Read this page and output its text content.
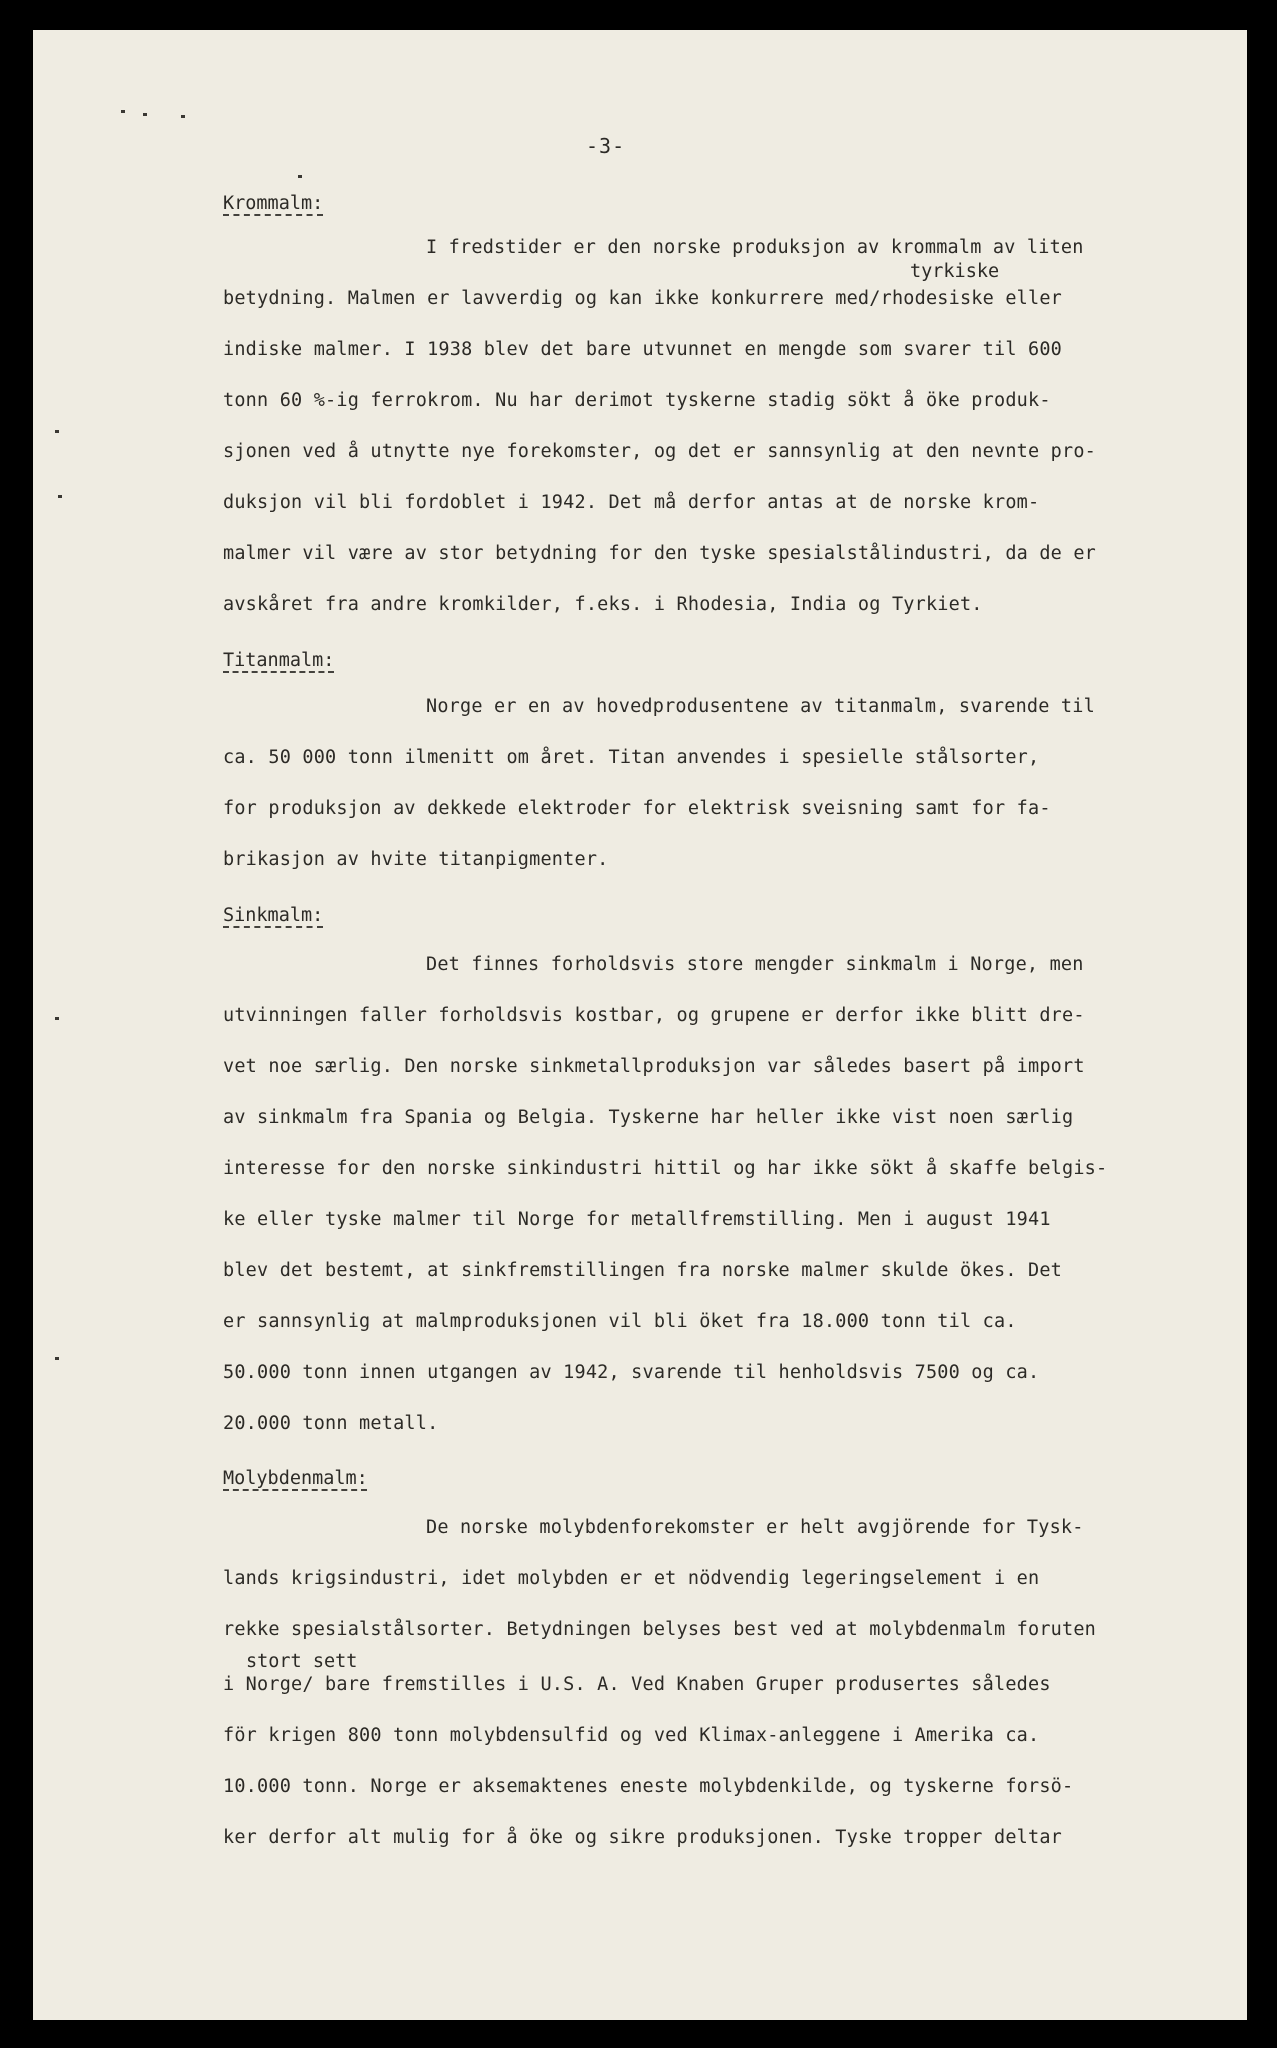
-3-
Krommalm:
tyrkiske
I fredstider er den norske produksjon av krommalm av liten
betydning. Malmen er lavverdig og kan ikke konkurrere med/rhodesiske eller
indiske malmer. I 1938 blev det bare utvunnet en mengde som svarer til 600
tonn 60 %-ig ferrokrom. Nu har derimot tyskerne stadig sökt å öke produk-
sjonen ved å utnytte nye forekomster, og det er sannsynlig at den nevnte pro-
duksjon vil bli fordoblet i 1942. Det må derfor antas at de norske krom-
malmer vil være av stor betydning for den tyske spesialstålindustri, da de er
avskåret fra andre kromkilder, f.eks. i Rhodesia, India og Tyrkiet.
Titanmalm:
Norge er en av hovedprodusentene av titanmalm, svarende til
ca. 50 000 tonn ilmenitt om året. Titan anvendes i spesielle stålsorter,
for produksjon av dekkede elektroder for elektrisk sveisning samt for fa-
brikasjon av hvite titanpigmenter.
Sinkmalm:
Det finnes forholdsvis store mengder sinkmalm i Norge, men
utvinningen faller forholdsvis kostbar, og grupene er derfor ikke blitt dre-
vet noe særlig. Den norske sinkmetallproduksjon var således basert på import
av sinkmalm fra Spania og Belgia. Tyskerne har heller ikke vist noen særlig
interesse for den norske sinkindustri hittil og har ikke sökt å skaffe belgis-
ke eller tyske malmer til Norge for metallfremstilling. Men i august 1941
blev det bestemt, at sinkfremstillingen fra norske malmer skulde ökes. Det
er sannsynlig at malmproduksjonen vil bli öket fra 18.000 tonn til ca.
50.000 tonn innen utgangen av 1942, svarende til henholdsvis 7500 og ca.
20.000 tonn metall.
Molybdenmalm:
De norske molybdenforekomster er helt avgjörende for Tysk-
lands krigsindustri, idet molybden er et nödvendig legeringselement i en
rekke spesialstålsorter. Betydningen belyses best ved at molybdenmalm foruten
stort sett
i Norge/ bare fremstilles i U.S. A. Ved Knaben Gruper produsertes således
för krigen 800 tonn molybdensulfid og ved Klimax-anleggene i Amerika ca.
10.000 tonn. Norge er aksemaktenes eneste molybdenkilde, og tyskerne forsö-
ker derfor alt mulig for å öke og sikre produksjonen. Tyske tropper deltar
